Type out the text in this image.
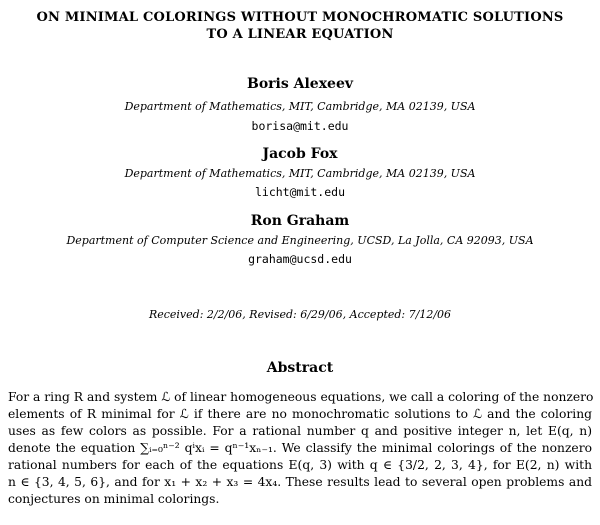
ON MINIMAL COLORINGS WITHOUT MONOCHROMATIC SOLUTIONS
TO A LINEAR EQUATION
Boris Alexeev
Department of Mathematics, MIT, Cambridge, MA 02139, USA
borisa@mit.edu
Jacob Fox
Department of Mathematics, MIT, Cambridge, MA 02139, USA
licht@mit.edu
Ron Graham
Department of Computer Science and Engineering, UCSD, La Jolla, CA 92093, USA
graham@ucsd.edu
Received: 2/2/06, Revised: 6/29/06, Accepted: 7/12/06
Abstract
For a ring R and system ℒ of linear homogeneous equations, we call a coloring of the nonzero
elements of R minimal for ℒ if there are no monochromatic solutions to ℒ and the coloring
uses as few colors as possible. For a rational number q and positive integer n, let E(q, n)
denote the equation ∑ᵢ₌₀ⁿ⁻² qⁱxᵢ = qⁿ⁻¹xₙ₋₁. We classify the minimal colorings of the nonzero
rational numbers for each of the equations E(q, 3) with q ∈ {3/2, 2, 3, 4}, for E(2, n) with
n ∈ {3, 4, 5, 6}, and for x₁ + x₂ + x₃ = 4x₄. These results lead to several open problems and
conjectures on minimal colorings.
